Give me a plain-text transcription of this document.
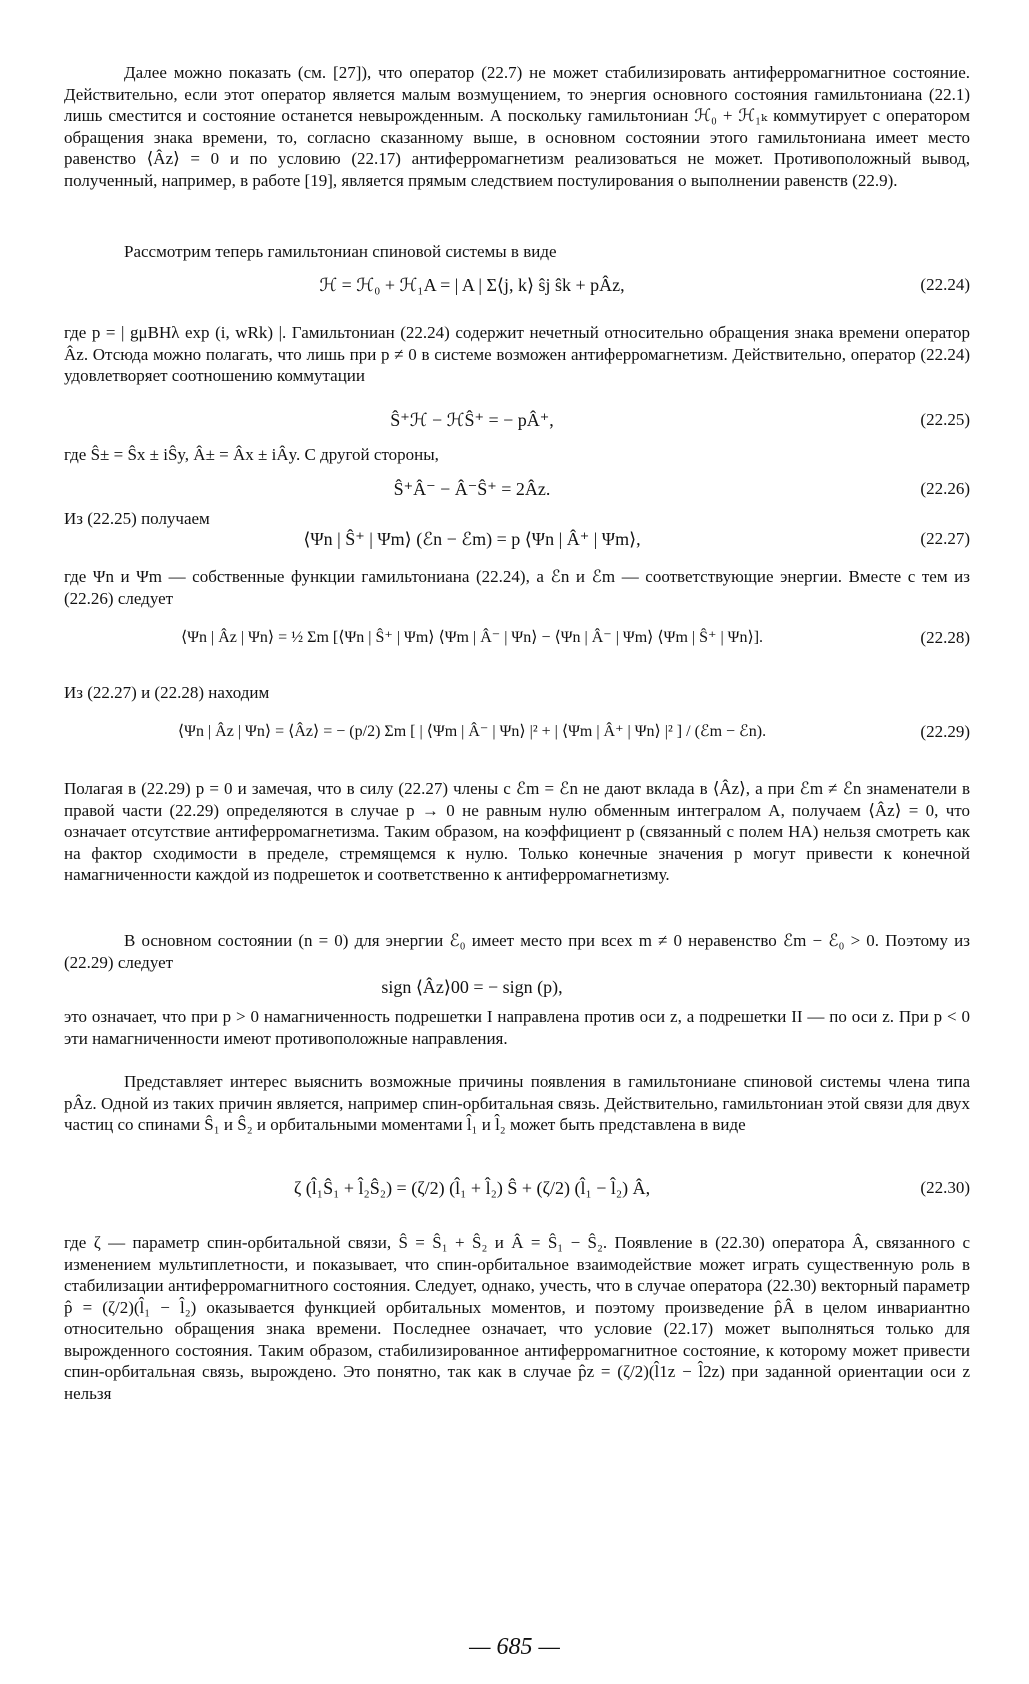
Далее можно показать (см. [27]), что оператор (22.7) не может стабилизировать антиферромагнитное состояние. Действительно, если этот оператор является малым возмущением, то энергия основного состояния гамильтониана (22.1) лишь сместится и состояние останется невырожденным. А поскольку гамильтониан ℋ₀ + ℋ₁ₖ коммутирует с оператором обращения знака времени, то, согласно сказанному выше, в основном состоянии этого гамильтониана имеет место равенство ⟨Âz⟩ = 0 и по условию (22.17) антиферромагнетизм реализоваться не может. Противоположный вывод, полученный, например, в работе [19], является прямым следствием постулирования о выполнении равенств (22.9).

Рассмотрим теперь гамильтониан спиновой системы в виде

ℋ = ℋ₀ + ℋ₁A = | A | Σ⟨j, k⟩ ŝj ŝk + pÂz,	(22.24)

где p = | gμBHλ exp (i, wRk) |. Гамильтониан (22.24) содержит нечетный относительно обращения знака времени оператор Âz. Отсюда можно полагать, что лишь при p ≠ 0 в системе возможен антиферромагнетизм. Действительно, оператор (22.24) удовлетворяет соотношению коммутации

Ŝ⁺ℋ − ℋŜ⁺ = − pÂ⁺,	(22.25)

где Ŝ± = Ŝx ± iŜy, Â± = Âx ± iÂy. С другой стороны,

Ŝ⁺Â⁻ − Â⁻Ŝ⁺ = 2Âz.	(22.26)

Из (22.25) получаем

⟨Ψn | Ŝ⁺ | Ψm⟩ (ℰn − ℰm) = p ⟨Ψn | Â⁺ | Ψm⟩,	(22.27)

где Ψn и Ψm — собственные функции гамильтониана (22.24), а ℰn и ℰm — соответствующие энергии. Вместе с тем из (22.26) следует

⟨Ψn | Âz | Ψn⟩ = ½ Σm [⟨Ψn | Ŝ⁺ | Ψm⟩ ⟨Ψm | Â⁻ | Ψn⟩ − ⟨Ψn | Â⁻ | Ψm⟩ ⟨Ψm | Ŝ⁺ | Ψn⟩].	(22.28)

Из (22.27) и (22.28) находим

⟨Ψn | Âz | Ψn⟩ = ⟨Âz⟩ = − (p/2) Σm [ | ⟨Ψm | Â⁻ | Ψn⟩ |² + | ⟨Ψm | Â⁺ | Ψn⟩ |² ] / (ℰm − ℰn).	(22.29)

Полагая в (22.29) p = 0 и замечая, что в силу (22.27) члены с ℰm = ℰn не дают вклада в ⟨Âz⟩, а при ℰm ≠ ℰn знаменатели в правой части (22.29) определяются в случае p → 0 не равным нулю обменным интегралом A, получаем ⟨Âz⟩ = 0, что означает отсутствие антиферромагнетизма. Таким образом, на коэффициент p (связанный с полем HA) нельзя смотреть как на фактор сходимости в пределе, стремящемся к нулю. Только конечные значения p могут привести к конечной намагниченности каждой из подрешеток и соответственно к антиферромагнетизму.

В основном состоянии (n = 0) для энергии ℰ₀ имеет место при всех m ≠ 0 неравенство ℰm − ℰ₀ > 0. Поэтому из (22.29) следует

sign ⟨Âz⟩00 = − sign (p),

это означает, что при p > 0 намагниченность подрешетки I направлена против оси z, а подрешетки II — по оси z. При p < 0 эти намагниченности имеют противоположные направления.

Представляет интерес выяснить возможные причины появления в гамильтониане спиновой системы члена типа pÂz. Одной из таких причин является, например спин-орбитальная связь. Действительно, гамильтониан этой связи для двух частиц со спинами Ŝ₁ и Ŝ₂ и орбитальными моментами l̂₁ и l̂₂ может быть представлена в виде

ζ (l̂₁Ŝ₁ + l̂₂Ŝ₂) = (ζ/2) (l̂₁ + l̂₂) Ŝ + (ζ/2) (l̂₁ − l̂₂) Â,	(22.30)

где ζ — параметр спин-орбитальной связи, Ŝ = Ŝ₁ + Ŝ₂ и Â = Ŝ₁ − Ŝ₂. Появление в (22.30) оператора Â, связанного с изменением мультиплетности, и показывает, что спин-орбитальное взаимодействие может играть существенную роль в стабилизации антиферромагнитного состояния. Следует, однако, учесть, что в случае оператора (22.30) векторный параметр p̂ = (ζ/2)(l̂₁ − l̂₂) оказывается функцией орбитальных моментов, и поэтому произведение p̂Â в целом инвариантно относительно обращения знака времени. Последнее означает, что условие (22.17) может выполняться только для вырожденного состояния. Таким образом, стабилизированное антиферромагнитное состояние, к которому может привести спин-орбитальная связь, вырождено. Это понятно, так как в случае p̂z = (ζ/2)(l̂1z − l̂2z) при заданной ориентации оси z нельзя

— 685 —
